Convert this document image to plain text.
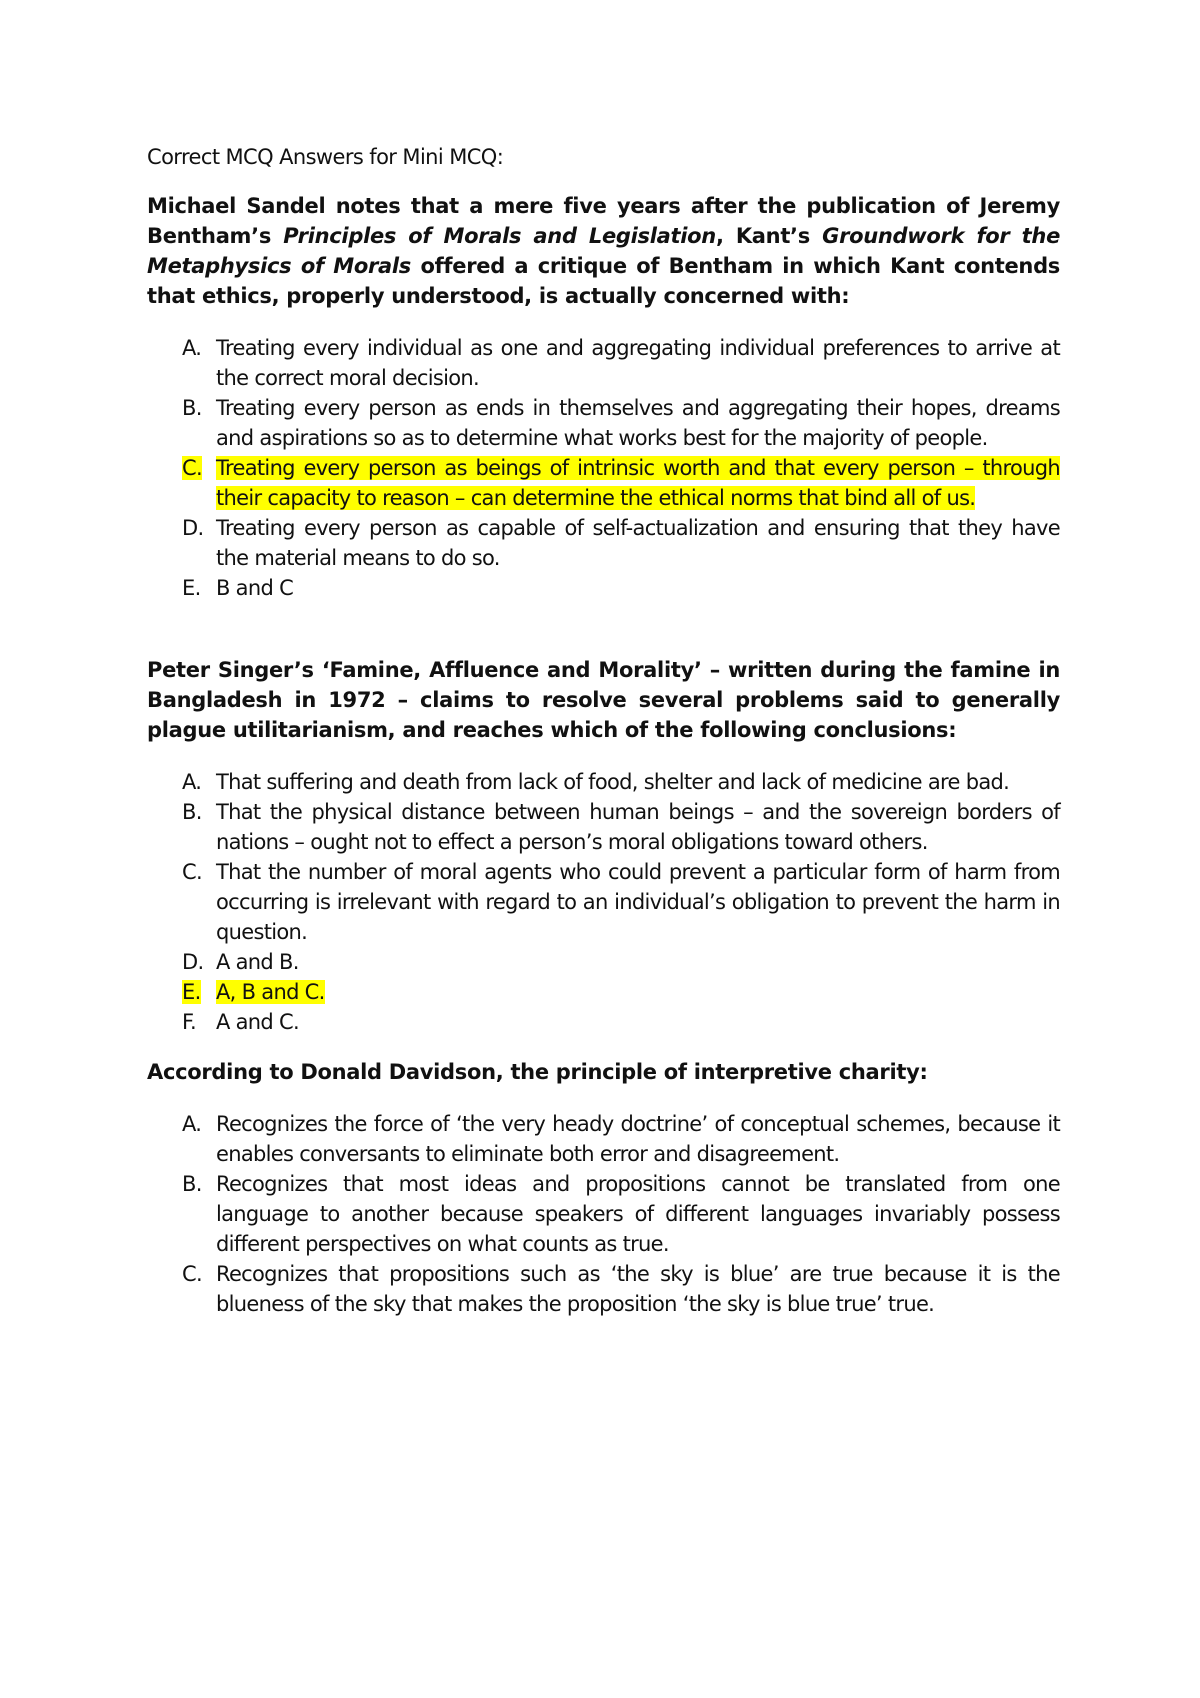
Correct MCQ Answers for Mini MCQ:

Michael Sandel notes that a mere five years after the publication of Jeremy Bentham’s Principles of Morals and Legislation, Kant’s Groundwork for the Metaphysics of Morals offered a critique of Bentham in which Kant contends that ethics, properly understood, is actually concerned with:

A. Treating every individual as one and aggregating individual preferences to arrive at the correct moral decision.
B. Treating every person as ends in themselves and aggregating their hopes, dreams and aspirations so as to determine what works best for the majority of people.
C. Treating every person as beings of intrinsic worth and that every person – through their capacity to reason – can determine the ethical norms that bind all of us.
D. Treating every person as capable of self-actualization and ensuring that they have the material means to do so.
E. B and C

Peter Singer’s ‘Famine, Affluence and Morality’ – written during the famine in Bangladesh in 1972 – claims to resolve several problems said to generally plague utilitarianism, and reaches which of the following conclusions:

A. That suffering and death from lack of food, shelter and lack of medicine are bad.
B. That the physical distance between human beings – and the sovereign borders of nations – ought not to effect a person’s moral obligations toward others.
C. That the number of moral agents who could prevent a particular form of harm from occurring is irrelevant with regard to an individual’s obligation to prevent the harm in question.
D. A and B.
E. A, B and C.
F. A and C.

According to Donald Davidson, the principle of interpretive charity:

A. Recognizes the force of ‘the very heady doctrine’ of conceptual schemes, because it enables conversants to eliminate both error and disagreement.
B. Recognizes that most ideas and propositions cannot be translated from one language to another because speakers of different languages invariably possess different perspectives on what counts as true.
C. Recognizes that propositions such as ‘the sky is blue’ are true because it is the blueness of the sky that makes the proposition ‘the sky is blue true’ true.
